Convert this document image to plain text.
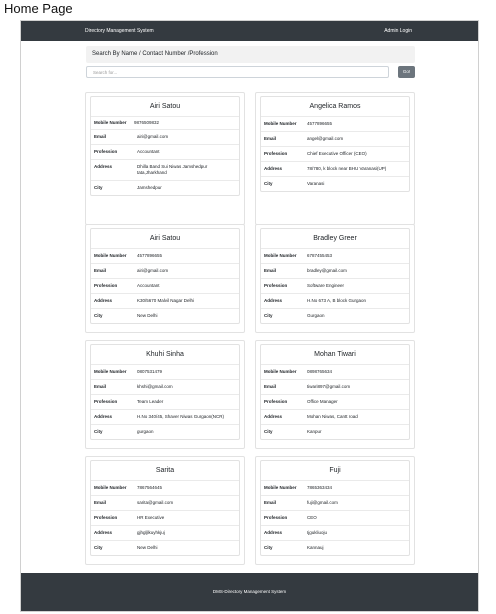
Home Page
Directory Management System	Admin Login
Search By Name / Contact Number /Profession
Search for...	Go!
Airi Satou
Mobile Number	9876509832
Email	airi@gmail.com
Profession	Accountant
Address	Dhilla Band Sui Niwas Jamshedpur tata,Jharkhand
City	Jamshedpur
Angelica Ramos
Mobile Number	4577896655
Email	angel@gmail.com
Profession	Chief Executive Officer (CEO)
Address	78/780, k block near BHU Varanasi(UP)
City	Varanasi
Airi Satou
Mobile Number	4577896655
Email	airi@gmail.com
Profession	Accountant
Address	K30/5670 Malvil Nagar Delhi
City	New Delhi
Bradley Greer
Mobile Number	6787455453
Email	bradley@gmail.com
Profession	Software Engineer
Address	H.No 673 A, B block Gurgaon
City	Gurgaon
Khuhi Sinha
Mobile Number	0807531479
Email	khshi@gmail.com
Profession	Team Leader
Address	H.No 340/45, Shaver Niwas Gurgaon(NCR)
City	gurgaon
Mohan Tiwari
Mobile Number	0898765634
Email	tiwari897@gmail.com
Profession	Office Manager
Address	Mohan Niwas, Cantt road
City	Kanpur
Sarita
Mobile Number	7867564645
Email	sarita@gmail.com
Profession	HR Executive
Address	gjhgljlkuyhkjuj
City	New Delhi
Fuji
Mobile Number	7865363434
Email	fuji@gmail.com
Profession	CEO
Address	Ijgukliuoju
City	Kannauj
DMS-Directory Management System
